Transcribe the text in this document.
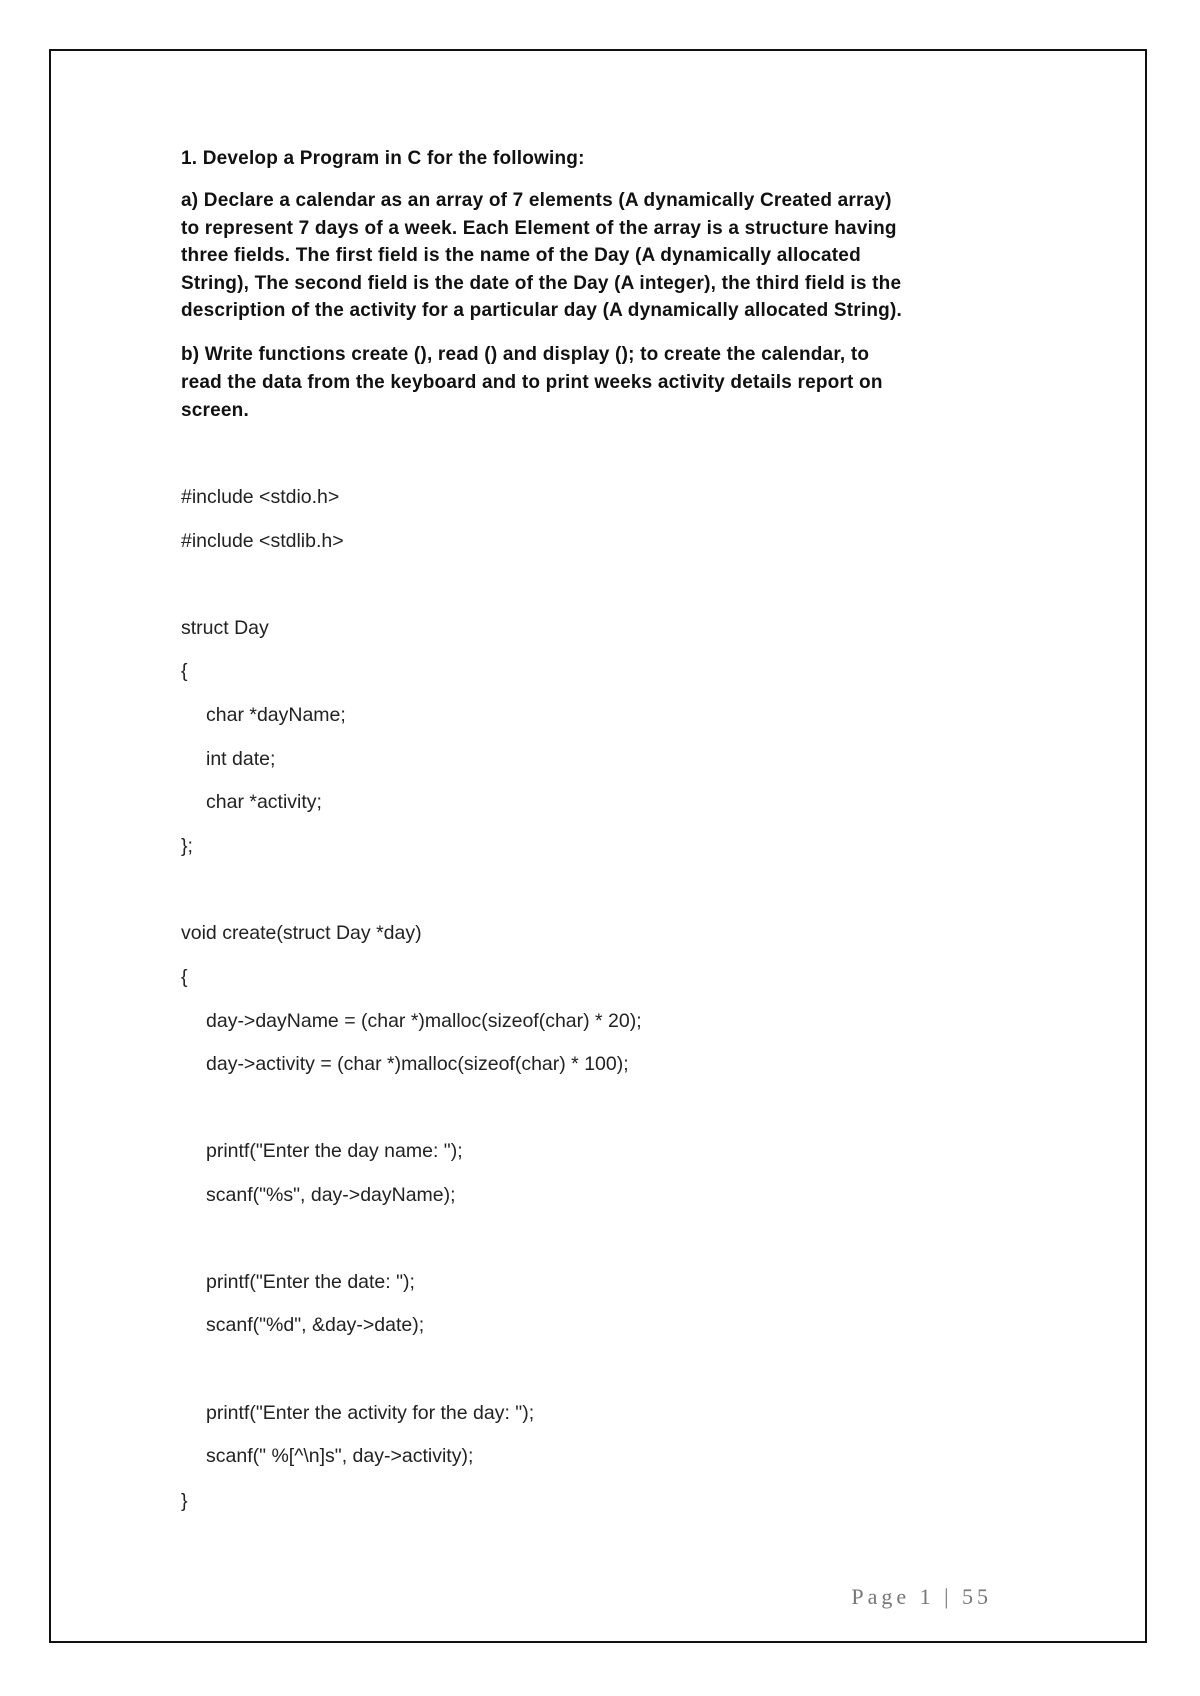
1. Develop a Program in C for the following:
a) Declare a calendar as an array of 7 elements (A dynamically Created array)
to represent 7 days of a week. Each Element of the array is a structure having
three fields. The first field is the name of the Day (A dynamically allocated
String), The second field is the date of the Day (A integer), the third field is the
description of the activity for a particular day (A dynamically allocated String).
b) Write functions create (), read () and display (); to create the calendar, to
read the data from the keyboard and to print weeks activity details report on
screen.
#include <stdio.h>
#include <stdlib.h>
struct Day
{
char *dayName;
int date;
char *activity;
};
void create(struct Day *day)
{
day->dayName = (char *)malloc(sizeof(char) * 20);
day->activity = (char *)malloc(sizeof(char) * 100);
printf("Enter the day name: ");
scanf("%s", day->dayName);
printf("Enter the date: ");
scanf("%d", &day->date);
printf("Enter the activity for the day: ");
scanf(" %[^\n]s", day->activity);
}
Page 1 | 55
